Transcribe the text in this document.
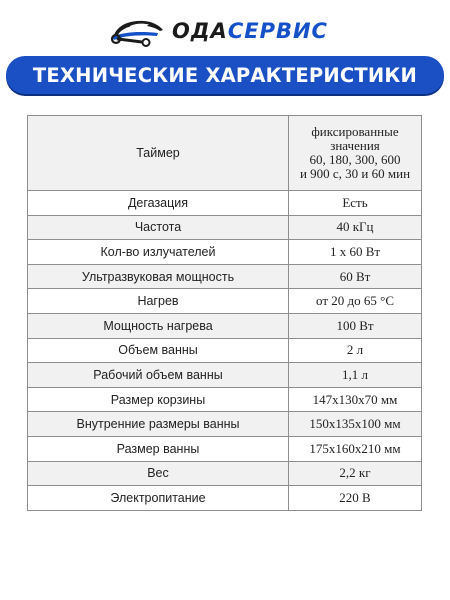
ОДАСЕРВИС
ТЕХНИЧЕСКИЕ ХАРАКТЕРИСТИКИ
Таймер	фиксированные
значения
60, 180, 300, 600
и 900 с, 30 и 60 мин
Дегазация	Есть
Частота	40 кГц
Кол-во излучателей	1 х 60 Вт
Ультразвуковая мощность	60 Вт
Нагрев	от 20 до 65 °С
Мощность нагрева	100 Вт
Объем ванны	2 л
Рабочий объем ванны	1,1 л
Размер корзины	147х130х70 мм
Внутренние размеры ванны	150х135х100 мм
Размер ванны	175х160х210 мм
Вес	2,2 кг
Электропитание	220 В
